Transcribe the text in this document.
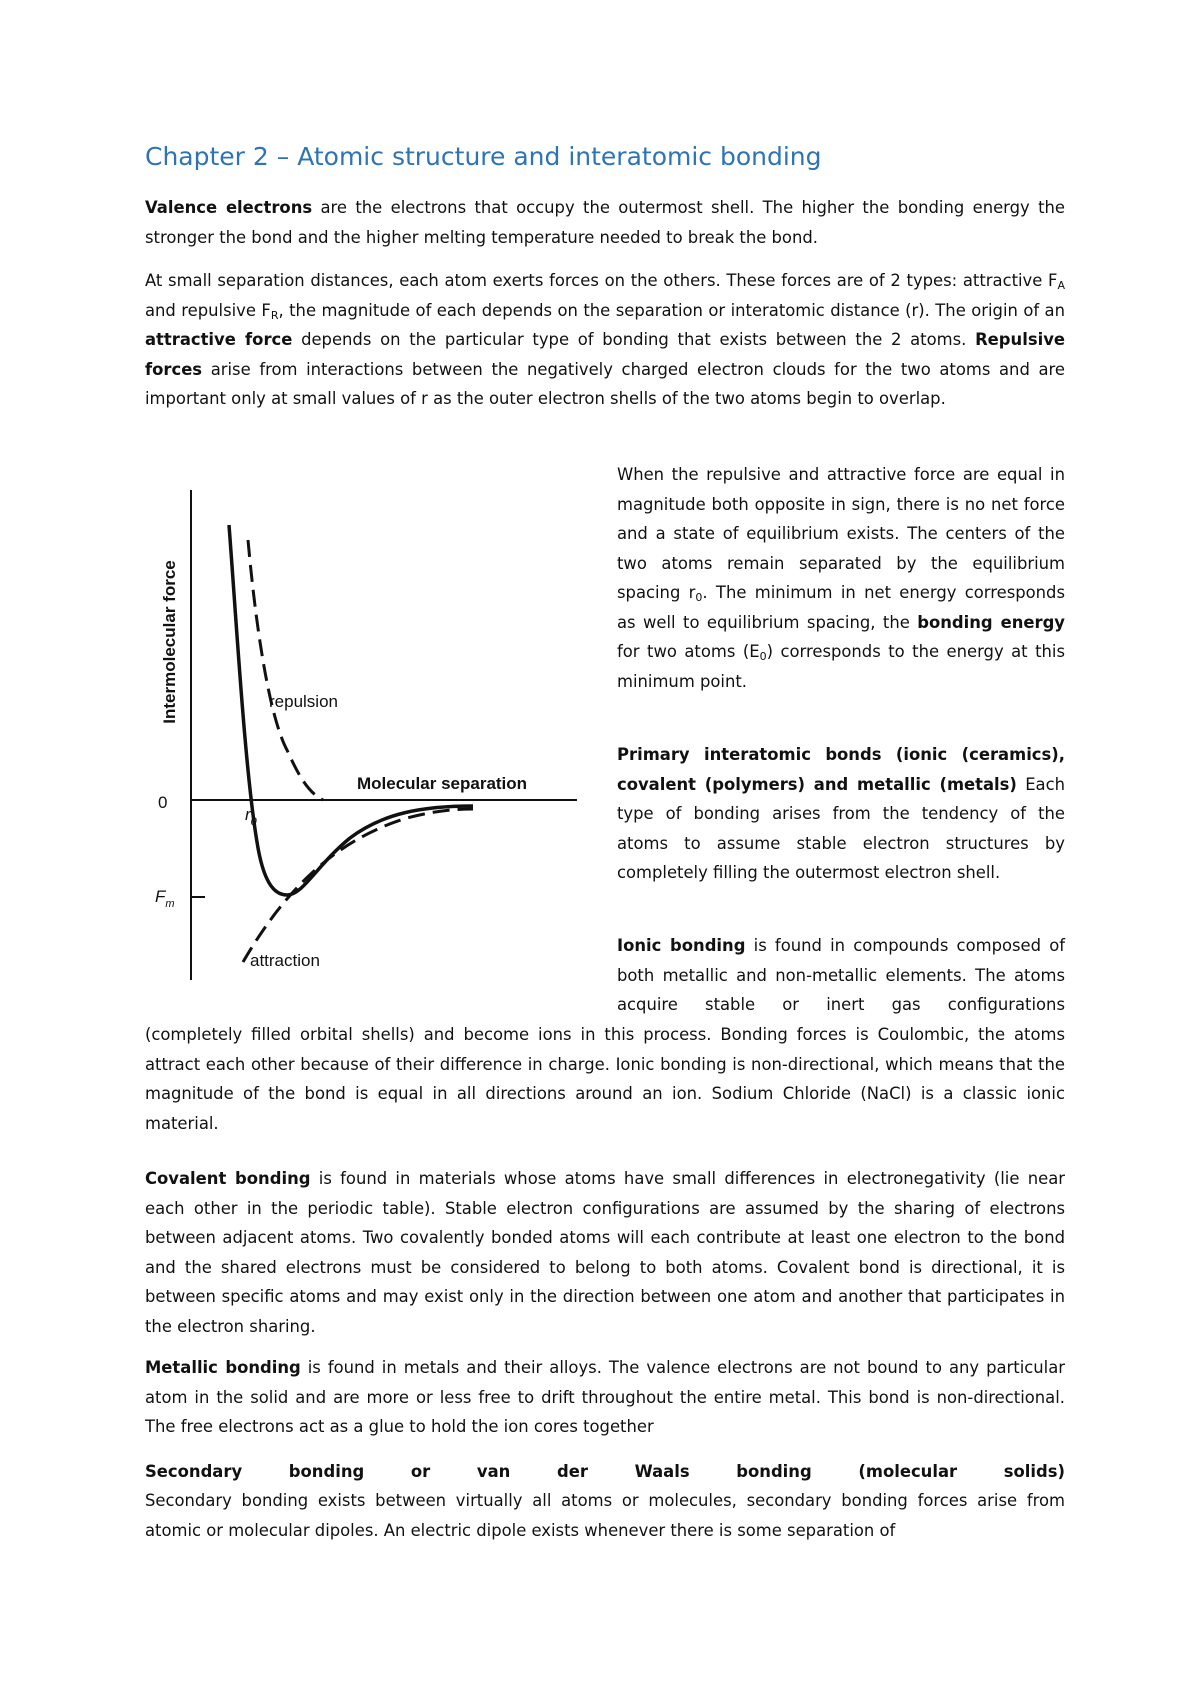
Chapter 2 – Atomic structure and interatomic bonding

Valence electrons are the electrons that occupy the outermost shell. The higher the bonding energy the stronger the bond and the higher melting temperature needed to break the bond.

At small separation distances, each atom exerts forces on the others. These forces are of 2 types: attractive $F_A$ and repulsive $F_R$, the magnitude of each depends on the separation or interatomic distance (r). The origin of an attractive force depends on the particular type of bonding that exists between the 2 atoms. Repulsive forces arise from interactions between the negatively charged electron clouds for the two atoms and are important only at small values of r as the outer electron shells of the two atoms begin to overlap.

Intermolecular force
0
$F_m$
$r_0$
Molecular separation
repulsion
attraction

When the repulsive and attractive force are equal in magnitude both opposite in sign, there is no net force and a state of equilibrium exists. The centers of the two atoms remain separated by the equilibrium spacing $r_0$. The minimum in net energy corresponds as well to equilibrium spacing, the bonding energy for two atoms $(E_0)$ corresponds to the energy at this minimum point.

Primary interatomic bonds (ionic (ceramics), covalent (polymers) and metallic (metals) Each type of bonding arises from the tendency of the atoms to assume stable electron structures by completely filling the outermost electron shell.

Ionic bonding is found in compounds composed of both metallic and non-metallic elements. The atoms acquire stable or inert gas configurations

(completely filled orbital shells) and become ions in this process. Bonding forces is Coulombic, the atoms attract each other because of their difference in charge. Ionic bonding is non-directional, which means that the magnitude of the bond is equal in all directions around an ion. Sodium Chloride (NaCl) is a classic ionic material.

Covalent bonding is found in materials whose atoms have small differences in electronegativity (lie near each other in the periodic table). Stable electron configurations are assumed by the sharing of electrons between adjacent atoms. Two covalently bonded atoms will each contribute at least one electron to the bond and the shared electrons must be considered to belong to both atoms. Covalent bond is directional, it is between specific atoms and may exist only in the direction between one atom and another that participates in the electron sharing.

Metallic bonding is found in metals and their alloys. The valence electrons are not bound to any particular atom in the solid and are more or less free to drift throughout the entire metal. This bond is non-directional. The free electrons act as a glue to hold the ion cores together

Secondary bonding or van der Waals bonding (molecular solids)

Secondary bonding exists between virtually all atoms or molecules, secondary bonding forces arise from atomic or molecular dipoles. An electric dipole exists whenever there is some separation of
